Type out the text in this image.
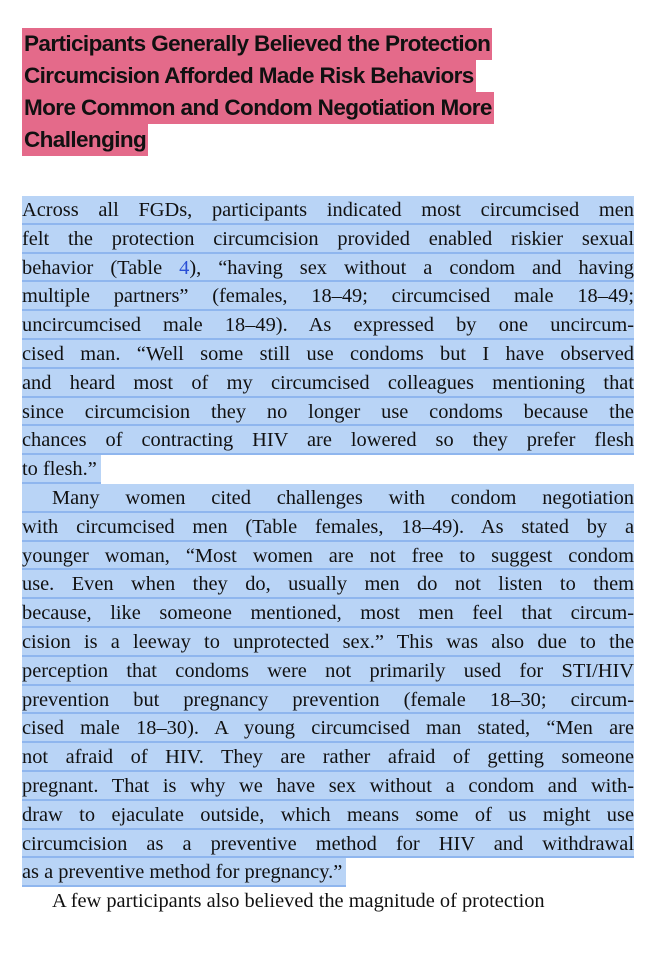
Participants Generally Believed the Protection
Circumcision Afforded Made Risk Behaviors
More Common and Condom Negotiation More
Challenging
Across all FGDs, participants indicated most circumcised men
felt the protection circumcision provided enabled riskier sexual
behavior (Table 4), “having sex without a condom and having
multiple partners” (females, 18–49; circumcised male 18–49;
uncircumcised male 18–49). As expressed by one uncircum-
cised man. “Well some still use condoms but I have observed
and heard most of my circumcised colleagues mentioning that
since circumcision they no longer use condoms because the
chances of contracting HIV are lowered so they prefer flesh
to flesh.”
Many women cited challenges with condom negotiation
with circumcised men (Table females, 18–49). As stated by a
younger woman, “Most women are not free to suggest condom
use. Even when they do, usually men do not listen to them
because, like someone mentioned, most men feel that circum-
cision is a leeway to unprotected sex.” This was also due to the
perception that condoms were not primarily used for STI/HIV
prevention but pregnancy prevention (female 18–30; circum-
cised male 18–30). A young circumcised man stated, “Men are
not afraid of HIV. They are rather afraid of getting someone
pregnant. That is why we have sex without a condom and with-
draw to ejaculate outside, which means some of us might use
circumcision as a preventive method for HIV and withdrawal
as a preventive method for pregnancy.”
A few participants also believed the magnitude of protection
